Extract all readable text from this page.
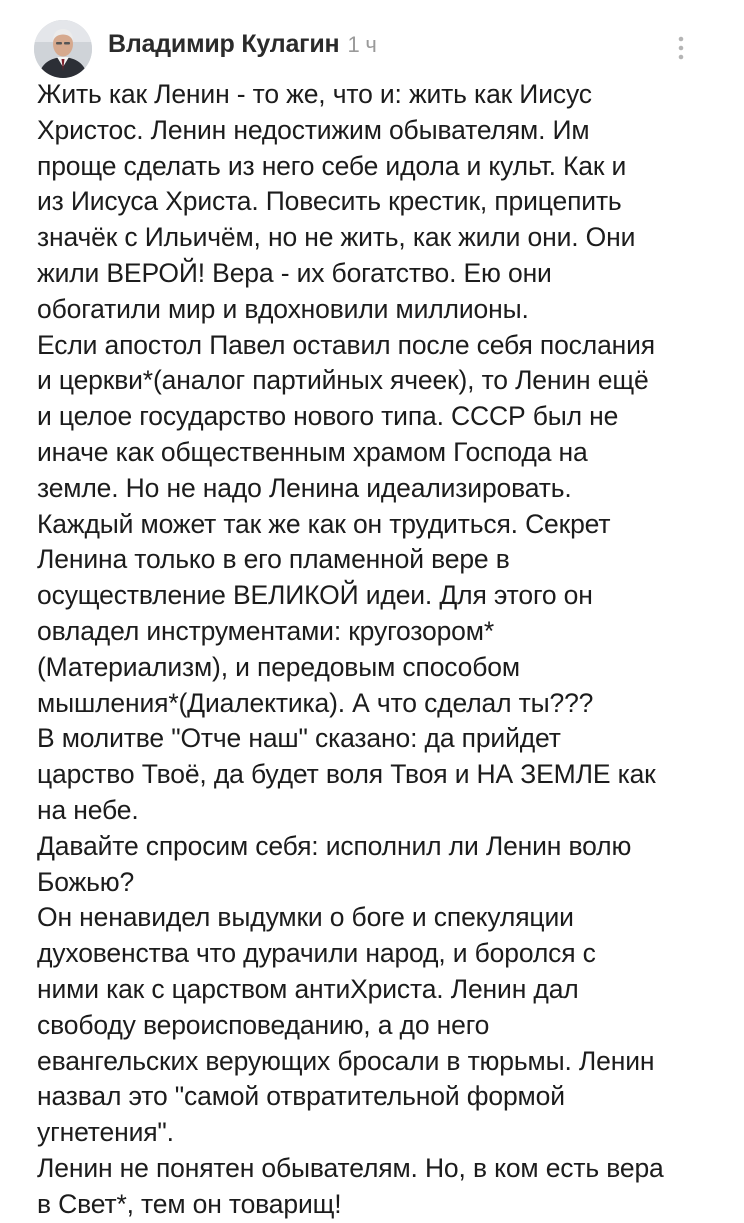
Владимир Кулагин 1 ч

Жить как Ленин - то же, что и: жить как Иисус
Христос. Ленин недостижим обывателям. Им
проще сделать из него себе идола и культ. Как и
из Иисуса Христа. Повесить крестик, прицепить
значёк с Ильичём, но не жить, как жили они. Они
жили ВЕРОЙ! Вера - их богатство. Ею они
обогатили мир и вдохновили миллионы.
Если апостол Павел оставил после себя послания
и церкви*(аналог партийных ячеек), то Ленин ещё
и целое государство нового типа. СССР был не
иначе как общественным храмом Господа на
земле. Но не надо Ленина идеализировать.
Каждый может так же как он трудиться. Секрет
Ленина только в его пламенной вере в
осуществление ВЕЛИКОЙ идеи. Для этого он
овладел инструментами: кругозором*
(Материализм), и передовым способом
мышления*(Диалектика). А что сделал ты???
В молитве "Отче наш" сказано: да прийдет
царство Твоё, да будет воля Твоя и НА ЗЕМЛЕ как
на небе.
Давайте спросим себя: исполнил ли Ленин волю
Божью?
Он ненавидел выдумки о боге и спекуляции
духовенства что дурачили народ, и боролся с
ними как с царством антиХриста. Ленин дал
свободу вероисповеданию, а до него
евангельских верующих бросали в тюрьмы. Ленин
назвал это "самой отвратительной формой
угнетения".
Ленин не понятен обывателям. Но, в ком есть вера
в Свет*, тем он товарищ!
